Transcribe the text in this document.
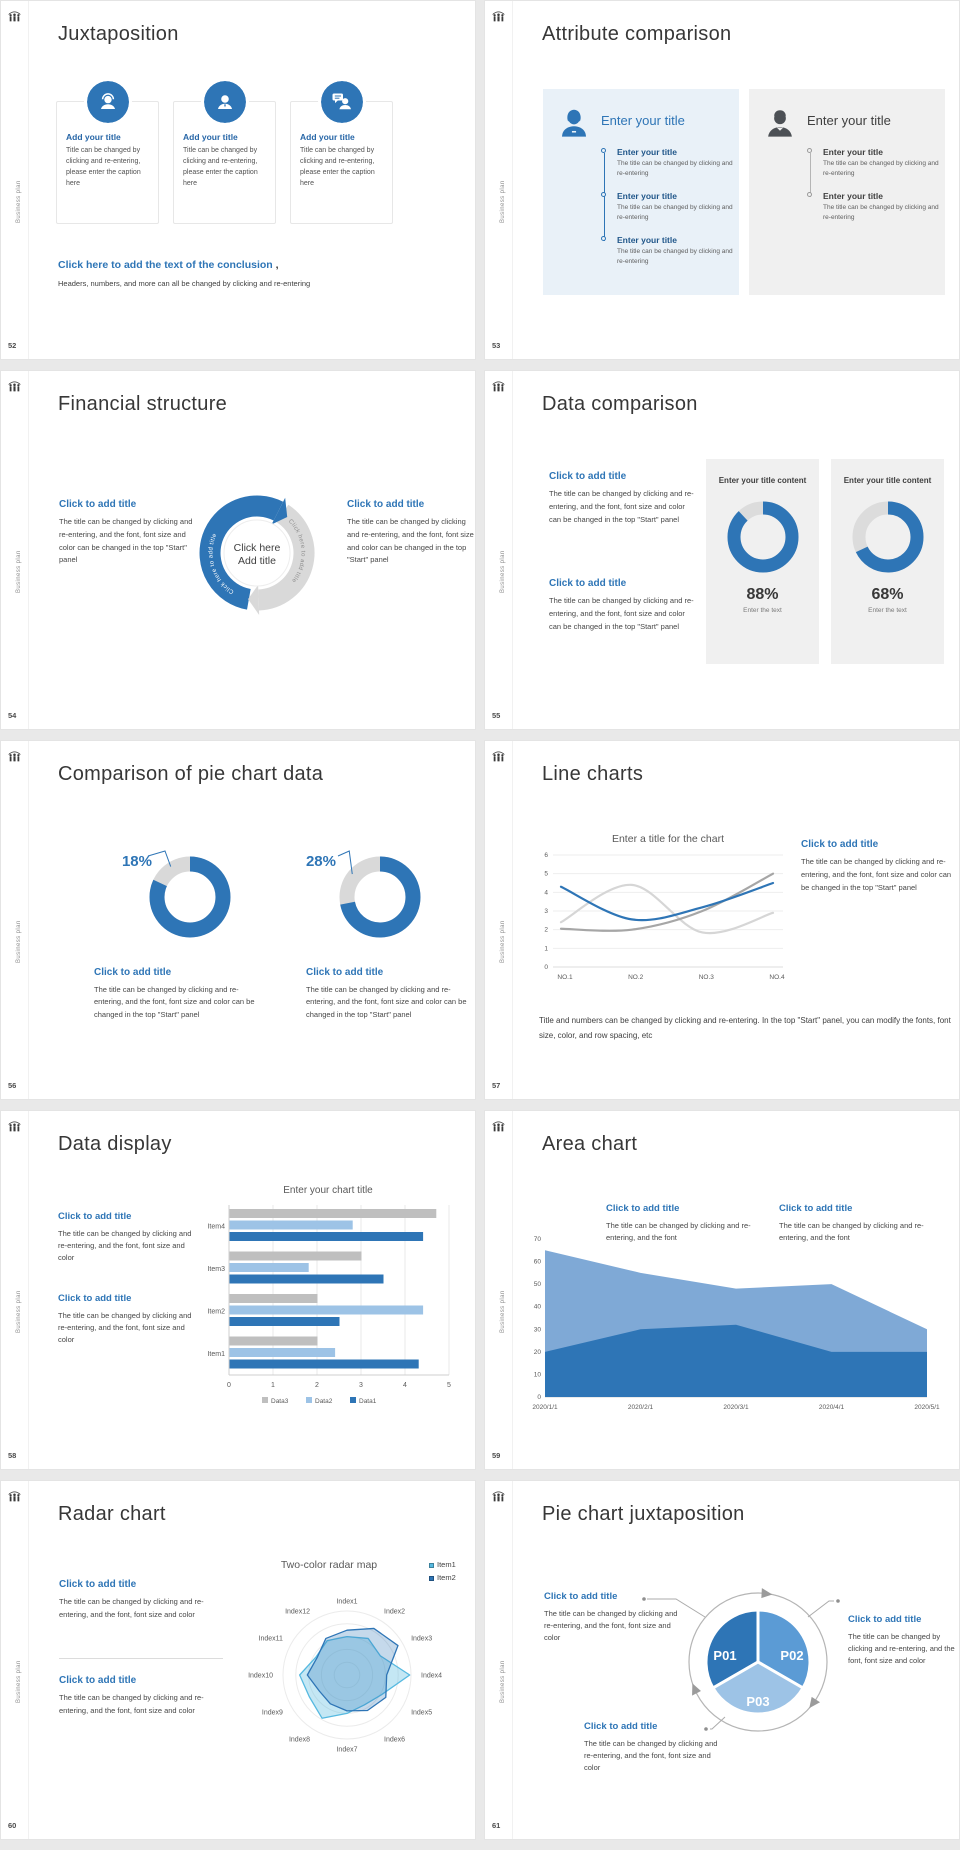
Business plan
52
Juxtaposition
Add your title

Title can be changed by clicking and re-entering, please enter the caption here

Add your title

Title can be changed by clicking and re-entering, please enter the caption here

Add your title

Title can be changed by clicking and re-entering, please enter the caption here

Click here to add the text of the conclusion ,

Headers, numbers, and more can all be changed by clicking and re-entering

Business plan
53
Attribute comparison
Enter your title
Enter your title

The title can be changed by clicking and re-entering

Enter your title

The title can be changed by clicking and re-entering

Enter your title

The title can be changed by clicking and re-entering

Enter your title
Enter your title

The title can be changed by clicking and re-entering

Enter your title

The title can be changed by clicking and re-entering

Business plan
54
Financial structure
Click to add title

The title can be changed by clicking and re-entering, and the font, font size and color can be changed in the top "Start" panel

Click here to add title
Click here to add title
Click here
Add title
Click to add title

The title can be changed by clicking and re-entering, and the font, font size and color can be changed in the top "Start" panel	Business plan
55
Data comparison
Click to add title

The title can be changed by clicking and re-entering, and the font, font size and color can be changed in the top "Start" panel

Click to add title

The title can be changed by clicking and re-entering, and the font, font size and color can be changed in the top "Start" panel

Enter your title content
88%
Enter the text
Enter your title content
68%
Enter the text
Business plan
56
Comparison of pie chart data
18%
Click to add title

The title can be changed by clicking and re-entering, and the font, font size and color can be changed in the top "Start" panel

28%
Click to add title

The title can be changed by clicking and re-entering, and the font, font size and color can be changed in the top "Start" panel

Business plan
57
Line charts
Enter a title for the chart
0
1
2
3
4
5
6
NO.1	NO.2	NO.3	NO.4
Click to add title

The title can be changed by clicking and re-entering, and the font, font size and color can be changed in the top "Start" panel

Title and numbers can be changed by clicking and re-entering. In the top "Start" panel, you can modify the fonts, font size, color, and row spacing, etc

Business plan
58
Data display
Click to add title

The title can be changed by clicking and re-entering, and the font, font size and color

Click to add title

The title can be changed by clicking and re-entering, and the font, font size and color

Enter your chart title
0	1	2	3	4	5
Item4
Item3
Item2
Item1
Data3	Data2	Data1
Business plan
59
Area chart
Click to add title

The title can be changed by clicking and re-entering, and the font

Click to add title

The title can be changed by clicking and re-entering, and the font

0
10
20
30
40
50
60
70
2020/1/1	2020/2/1	2020/3/1	2020/4/1	2020/5/1
Business plan
60
Radar chart
Click to add title

The title can be changed by clicking and re-entering, and the font, font size and color

Click to add title

The title can be changed by clicking and re-entering, and the font, font size and color

Two-color radar map	Item1
Item2
Index1
Index2
Index3
Index4
Index5
Index6
Index7
Index8
Index9
Index10
Index11
Index12
Business plan
61
Pie chart juxtaposition
P01	P02
P03
Click to add title

The title can be changed by clicking and re-entering, and the font, font size and color

Click to add title

The title can be changed by clicking and re-entering, and the font, font size and color

Click to add title

The title can be changed by clicking and re-entering, and the font, font size and color
